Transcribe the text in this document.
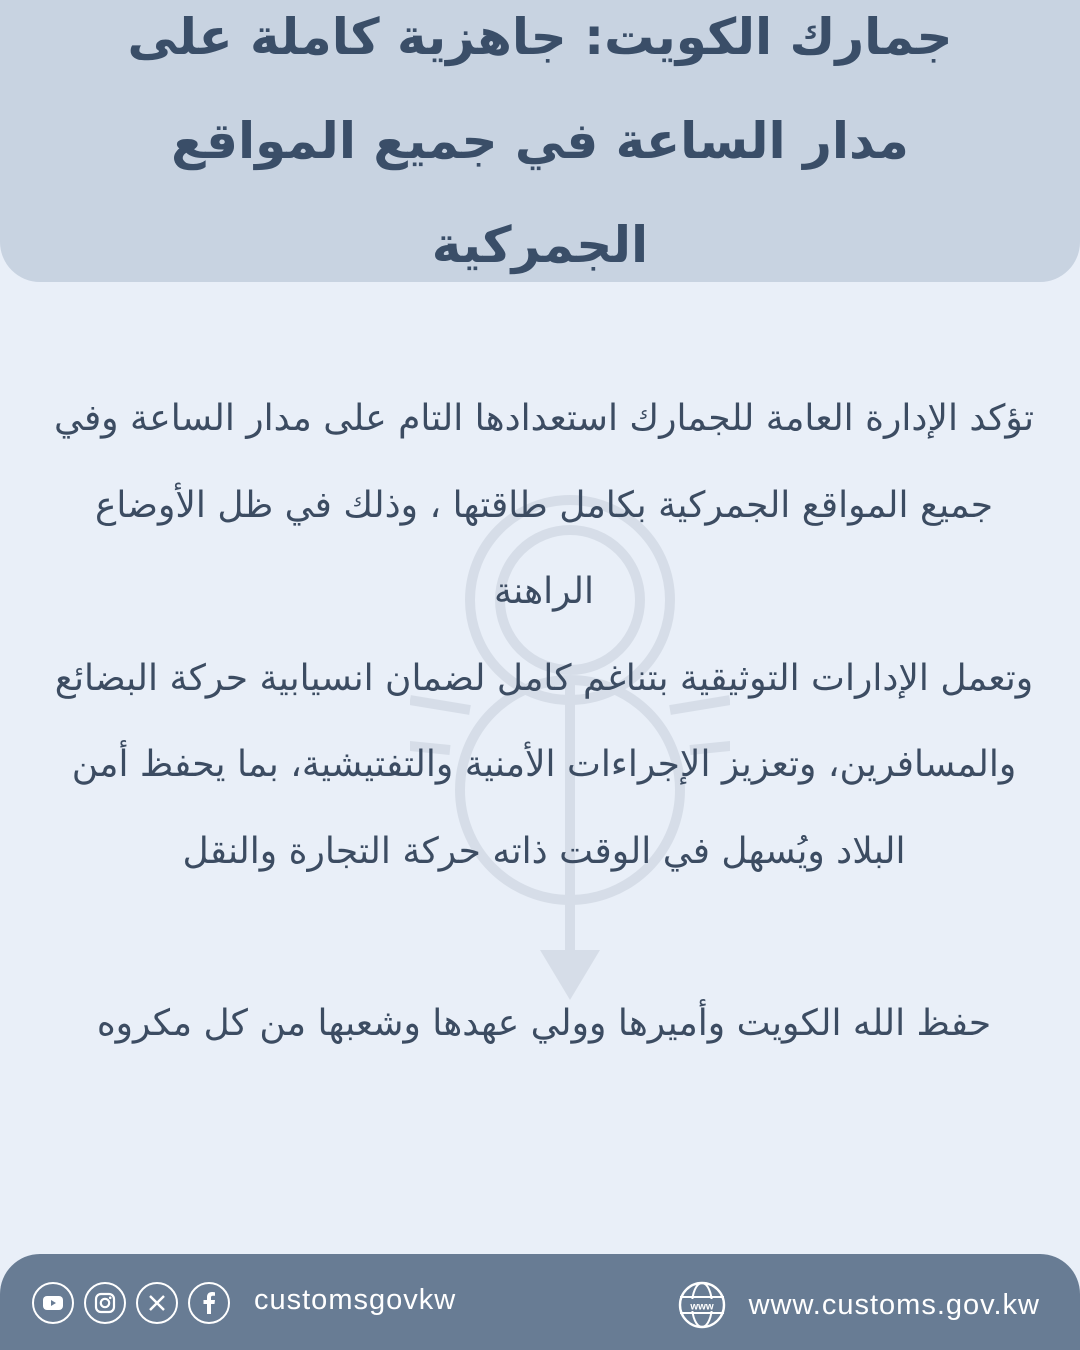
جمارك الكويت: جاهزية كاملة على مدار الساعة في جميع المواقع الجمركية

تؤكد الإدارة العامة للجمارك استعدادها التام على مدار الساعة وفي جميع المواقع الجمركية بكامل طاقتها ، وذلك في ظل الأوضاع الراهنة

وتعمل الإدارات التوثيقية بتناغم كامل لضمان انسيابية حركة البضائع والمسافرين، وتعزيز الإجراءات الأمنية والتفتيشية، بما يحفظ أمن البلاد ويُسهل في الوقت ذاته حركة التجارة والنقل

حفظ الله الكويت وأميرها وولي عهدها وشعبها من كل مكروه

customsgovkw	www www.customs.gov.kw
